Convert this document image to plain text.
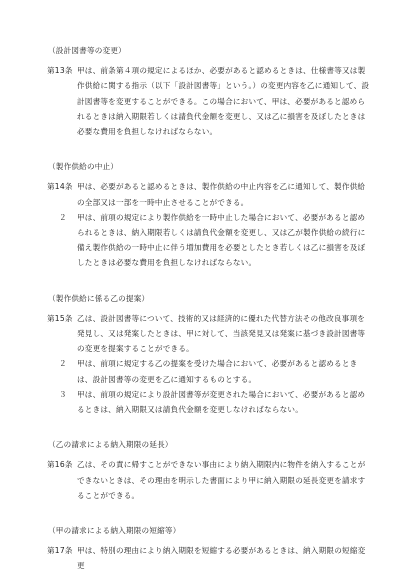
（設計図書等の変更）
第13条 甲は、前条第４項の規定によるほか、必要があると認めるときは、仕様書等又は製作供給に関する指示（以下「設計図書等」という。）の変更内容を乙に通知して、設計図書等を変更することができる。この場合において、甲は、必要があると認められるときは納入期限若しくは請負代金額を変更し、又は乙に損害を及ぼしたときは必要な費用を負担しなければならない。
（製作供給の中止）
第14条 甲は、必要があると認めるときは、製作供給の中止内容を乙に通知して、製作供給の全部又は一部を一時中止させることができる。
２	甲は、前項の規定により製作供給を一時中止した場合において、必要があると認められるときは、納入期限若しくは請負代金額を変更し、又は乙が製作供給の続行に備え製作供給の一時中止に伴う増加費用を必要としたとき若しくは乙に損害を及ぼしたときは必要な費用を負担しなければならない。
（製作供給に係る乙の提案）
第15条 乙は、設計図書等について、技術的又は経済的に優れた代替方法その他改良事項を発見し、又は発案したときは、甲に対して、当該発見又は発案に基づき設計図書等の変更を提案することができる。
２	甲は、前項に規定する乙の提案を受けた場合において、必要があると認めるときは、設計図書等の変更を乙に通知するものとする。
３	甲は、前項の規定により設計図書等が変更された場合において、必要があると認めるときは、納入期限又は請負代金額を変更しなければならない。
（乙の請求による納入期限の延長）
第16条 乙は、その責に帰すことができない事由により納入期限内に物件を納入することができないときは、その理由を明示した書面により甲に納入期限の延長変更を請求することができる。
（甲の請求による納入期限の短縮等）
第17条 甲は、特別の理由により納入期限を短縮する必要があるときは、納入期限の短縮変更
